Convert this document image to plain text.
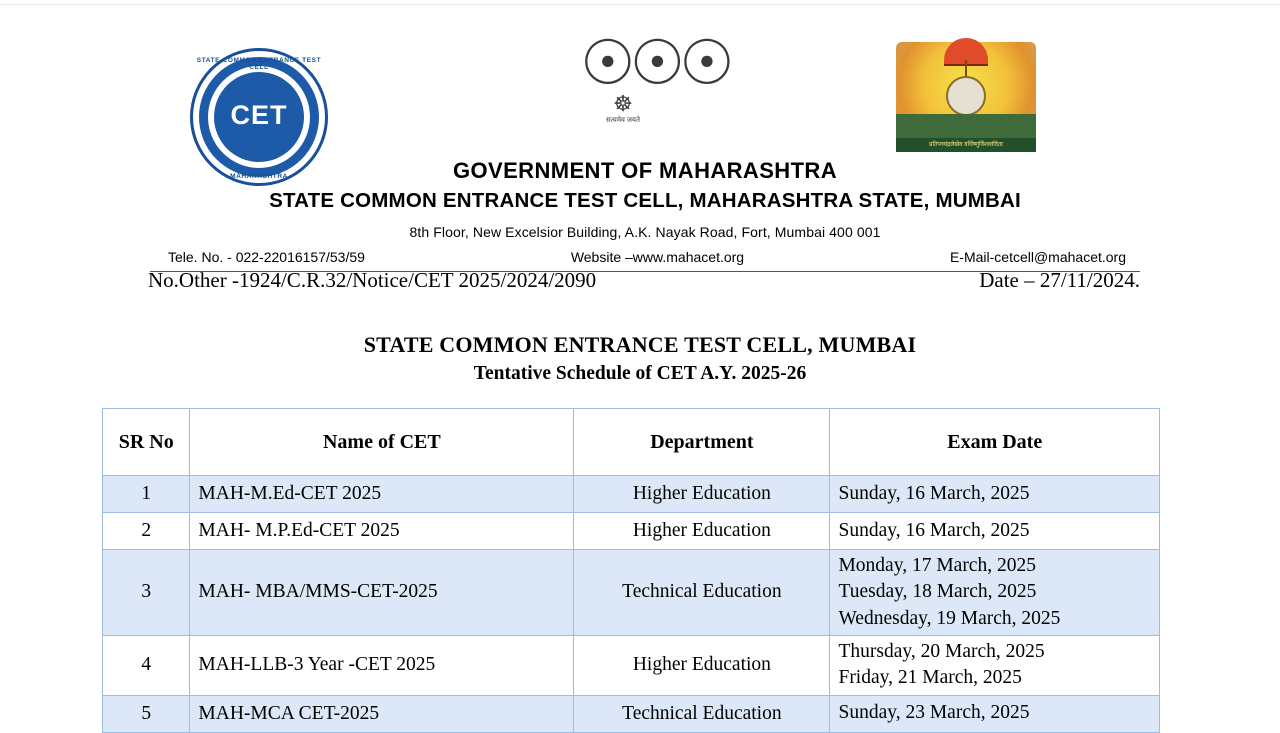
STATE COMMON ENTRANCE TEST CELL
CET
MAHARASHTRA
☉☉☉
☸
सत्यमेव जयते
प्रतिपच्चंद्रलेखेव वर्धिष्णुर्विश्ववंदिता
GOVERNMENT OF MAHARASHTRA
STATE COMMON ENTRANCE TEST CELL, MAHARASHTRA STATE, MUMBAI
8th Floor, New Excelsior Building, A.K. Nayak Road, Fort, Mumbai 400 001
Tele. No. - 022-22016157/53/59	Website –www.mahacet.org	E-Mail-cetcell@mahacet.org
No.Other -1924/C.R.32/Notice/CET 2025/2024/2090	Date – 27/11/2024.
STATE COMMON ENTRANCE TEST CELL, MUMBAI
Tentative Schedule of CET A.Y. 2025-26
SR No	Name of CET	Department	Exam Date
1	MAH-M.Ed-CET 2025	Higher Education	Sunday, 16 March, 2025

2	MAH- M.P.Ed-CET 2025	Higher Education	Sunday, 16 March, 2025

3	MAH- MBA/MMS-CET-2025	Technical Education	Monday, 17 March, 2025
Tuesday, 18 March, 2025
Wednesday, 19 March, 2025

4	MAH-LLB-3 Year -CET 2025	Higher Education	Thursday, 20 March, 2025
Friday, 21 March, 2025

5	MAH-MCA CET-2025	Technical Education	Sunday, 23 March, 2025
